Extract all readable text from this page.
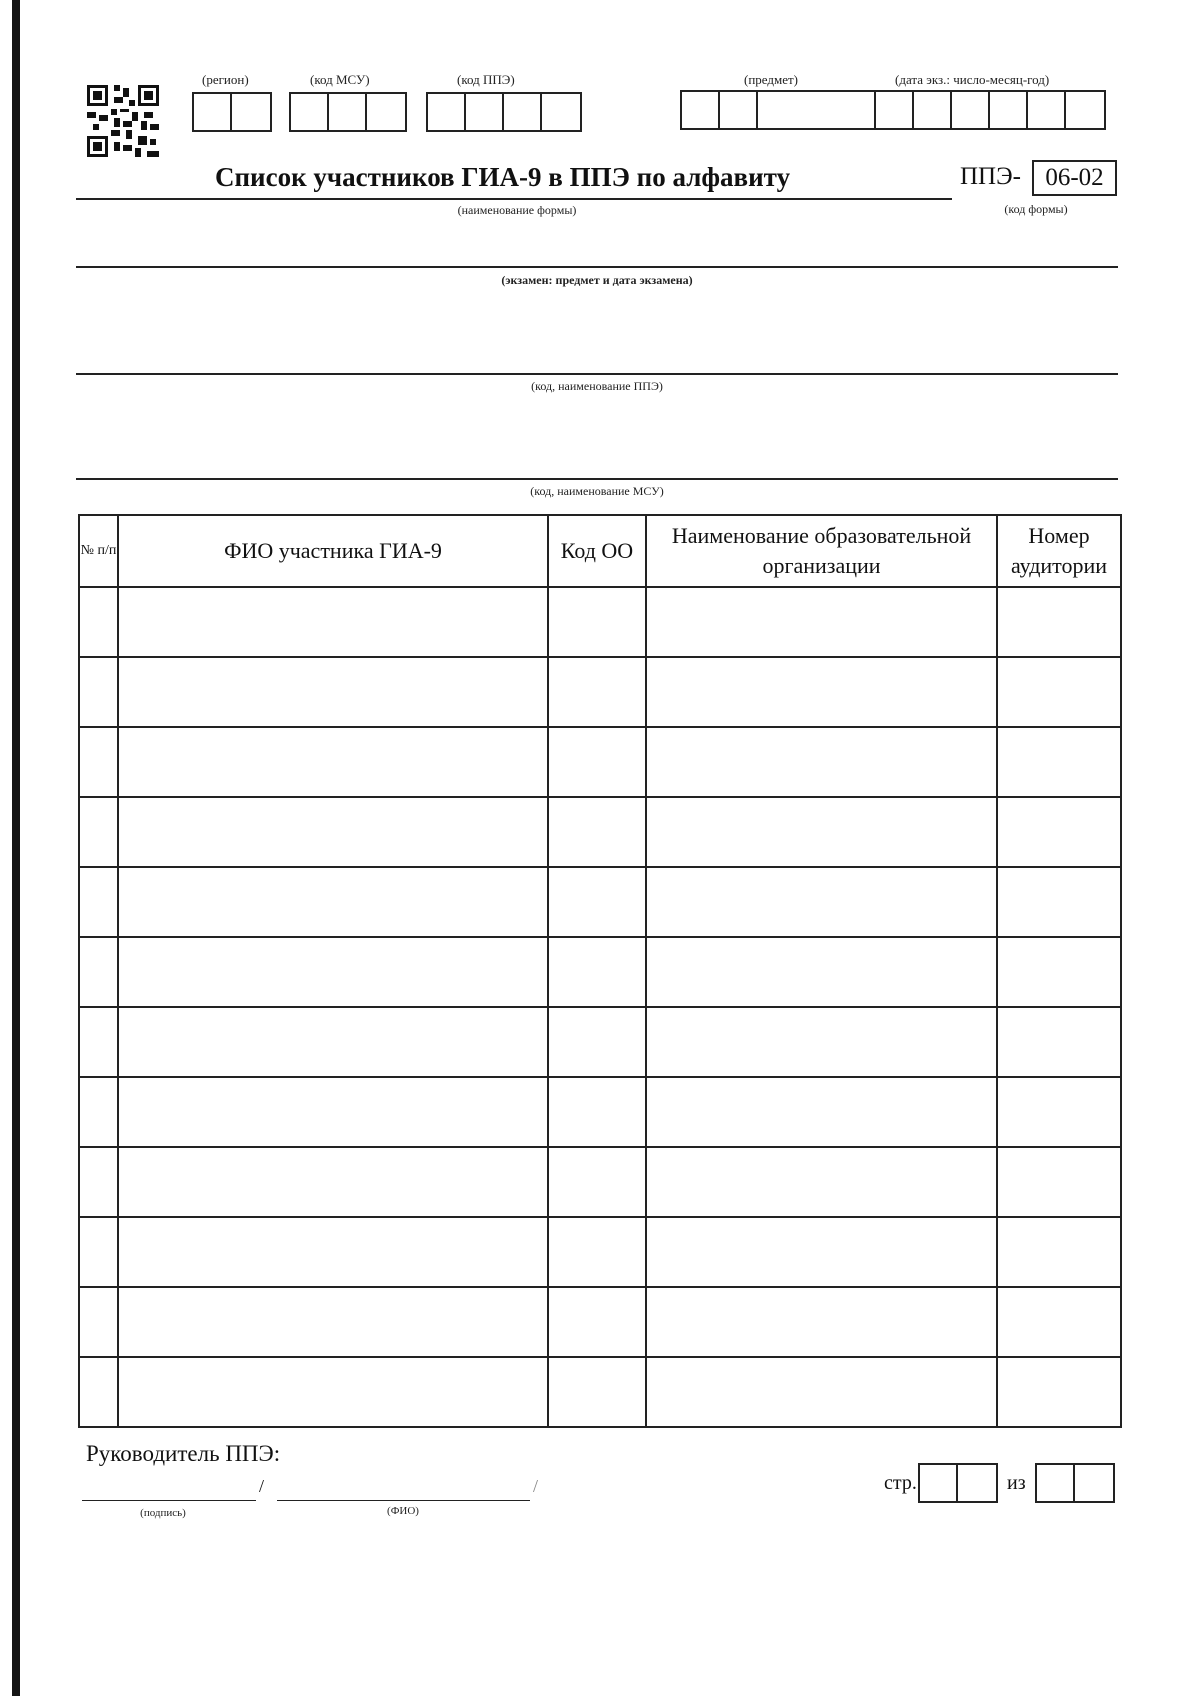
(регион)	(код МСУ)	(код ППЭ)	(предмет)	(дата экз.: число-месяц-год)
Список участников ГИА-9 в ППЭ по алфавиту	ППЭ- 06-02
(наименование формы)	(код формы)
(экзамен: предмет и дата экзамена)
(код, наименование ППЭ)
(код, наименование МСУ)
№ п/п	ФИО участника ГИА-9	Код ОО	Наименование образовательной организации	Номер аудитории

Руководитель ППЭ:
/	/
(подпись)	(ФИО)
стр.	из
